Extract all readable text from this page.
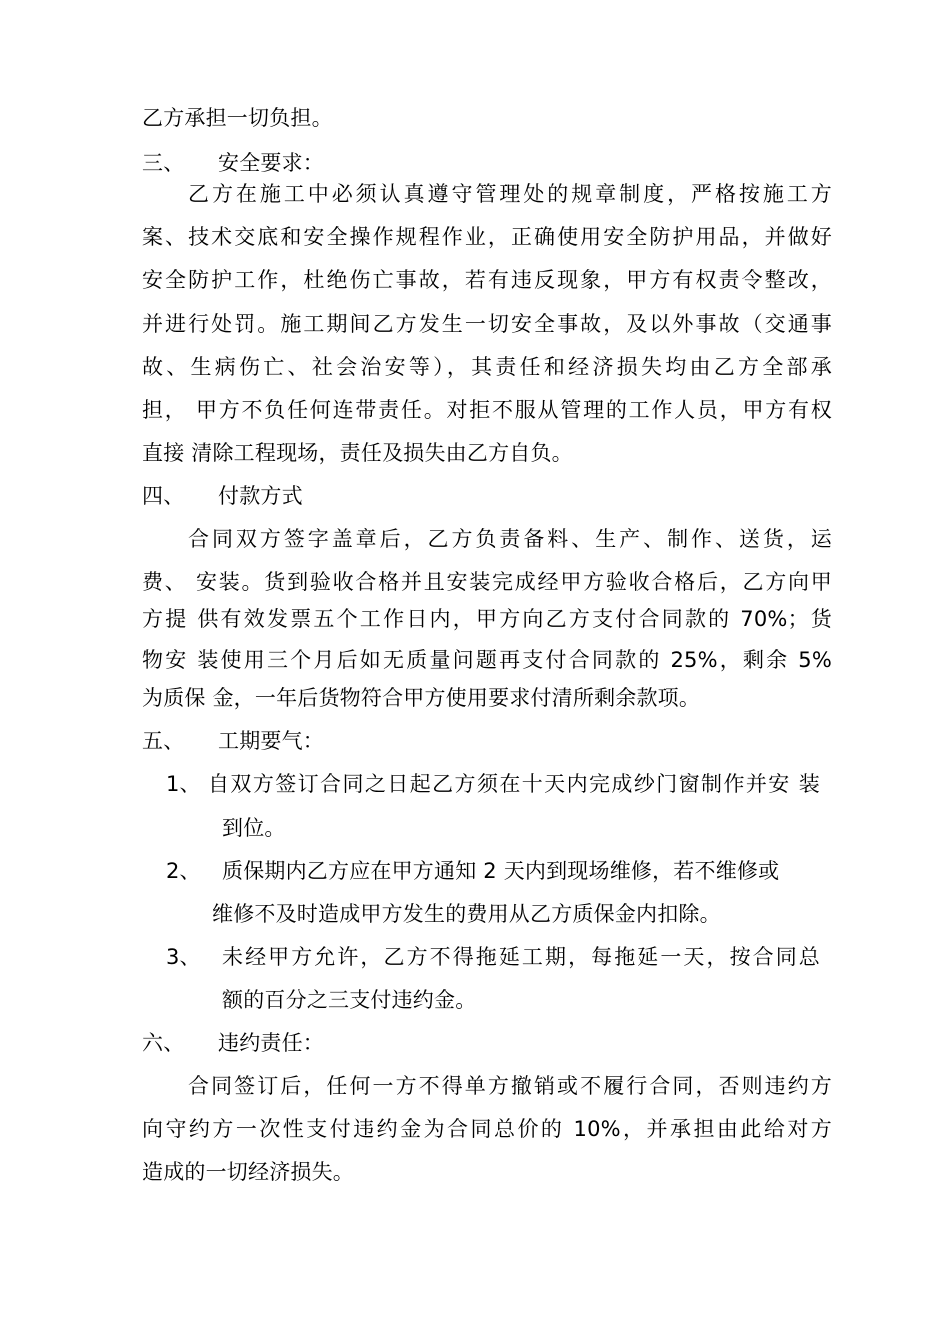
乙方承担一切负担。
三、 安全要求：
乙方在施工中必须认真遵守管理处的规章制度，严格按施工方
案、技术交底和安全操作规程作业，正确使用安全防护用品，并做好
安全防护工作，杜绝伤亡事故，若有违反现象，甲方有权责令整改，
并进行处罚。施工期间乙方发生一切安全事故，及以外事故（交通事
故、生病伤亡、社会治安等），其责任和经济损失均由乙方全部承
担， 甲方不负任何连带责任。对拒不服从管理的工作人员，甲方有权
直接 清除工程现场，责任及损失由乙方自负。
四、 付款方式
合同双方签字盖章后，乙方负责备料、生产、制作、送货，运
费、 安装。货到验收合格并且安装完成经甲方验收合格后，乙方向甲
方提 供有效发票五个工作日内，甲方向乙方支付合同款的 70%；货
物安 装使用三个月后如无质量问题再支付合同款的 25%，剩余 5%
为质保 金，一年后货物符合甲方使用要求付清所剩余款项。
五、 工期要气：
1、 自双方签订合同之日起乙方须在十天内完成纱门窗制作并安 装
到位。
2、 质保期内乙方应在甲方通知 2 天内到现场维修，若不维修或
维修不及时造成甲方发生的费用从乙方质保金内扣除。
3、 未经甲方允许，乙方不得拖延工期，每拖延一天，按合同总
额的百分之三支付违约金。
六、 违约责任：
合同签订后，任何一方不得单方撤销或不履行合同，否则违约方
向守约方一次性支付违约金为合同总价的 10%，并承担由此给对方
造成的一切经济损失。
